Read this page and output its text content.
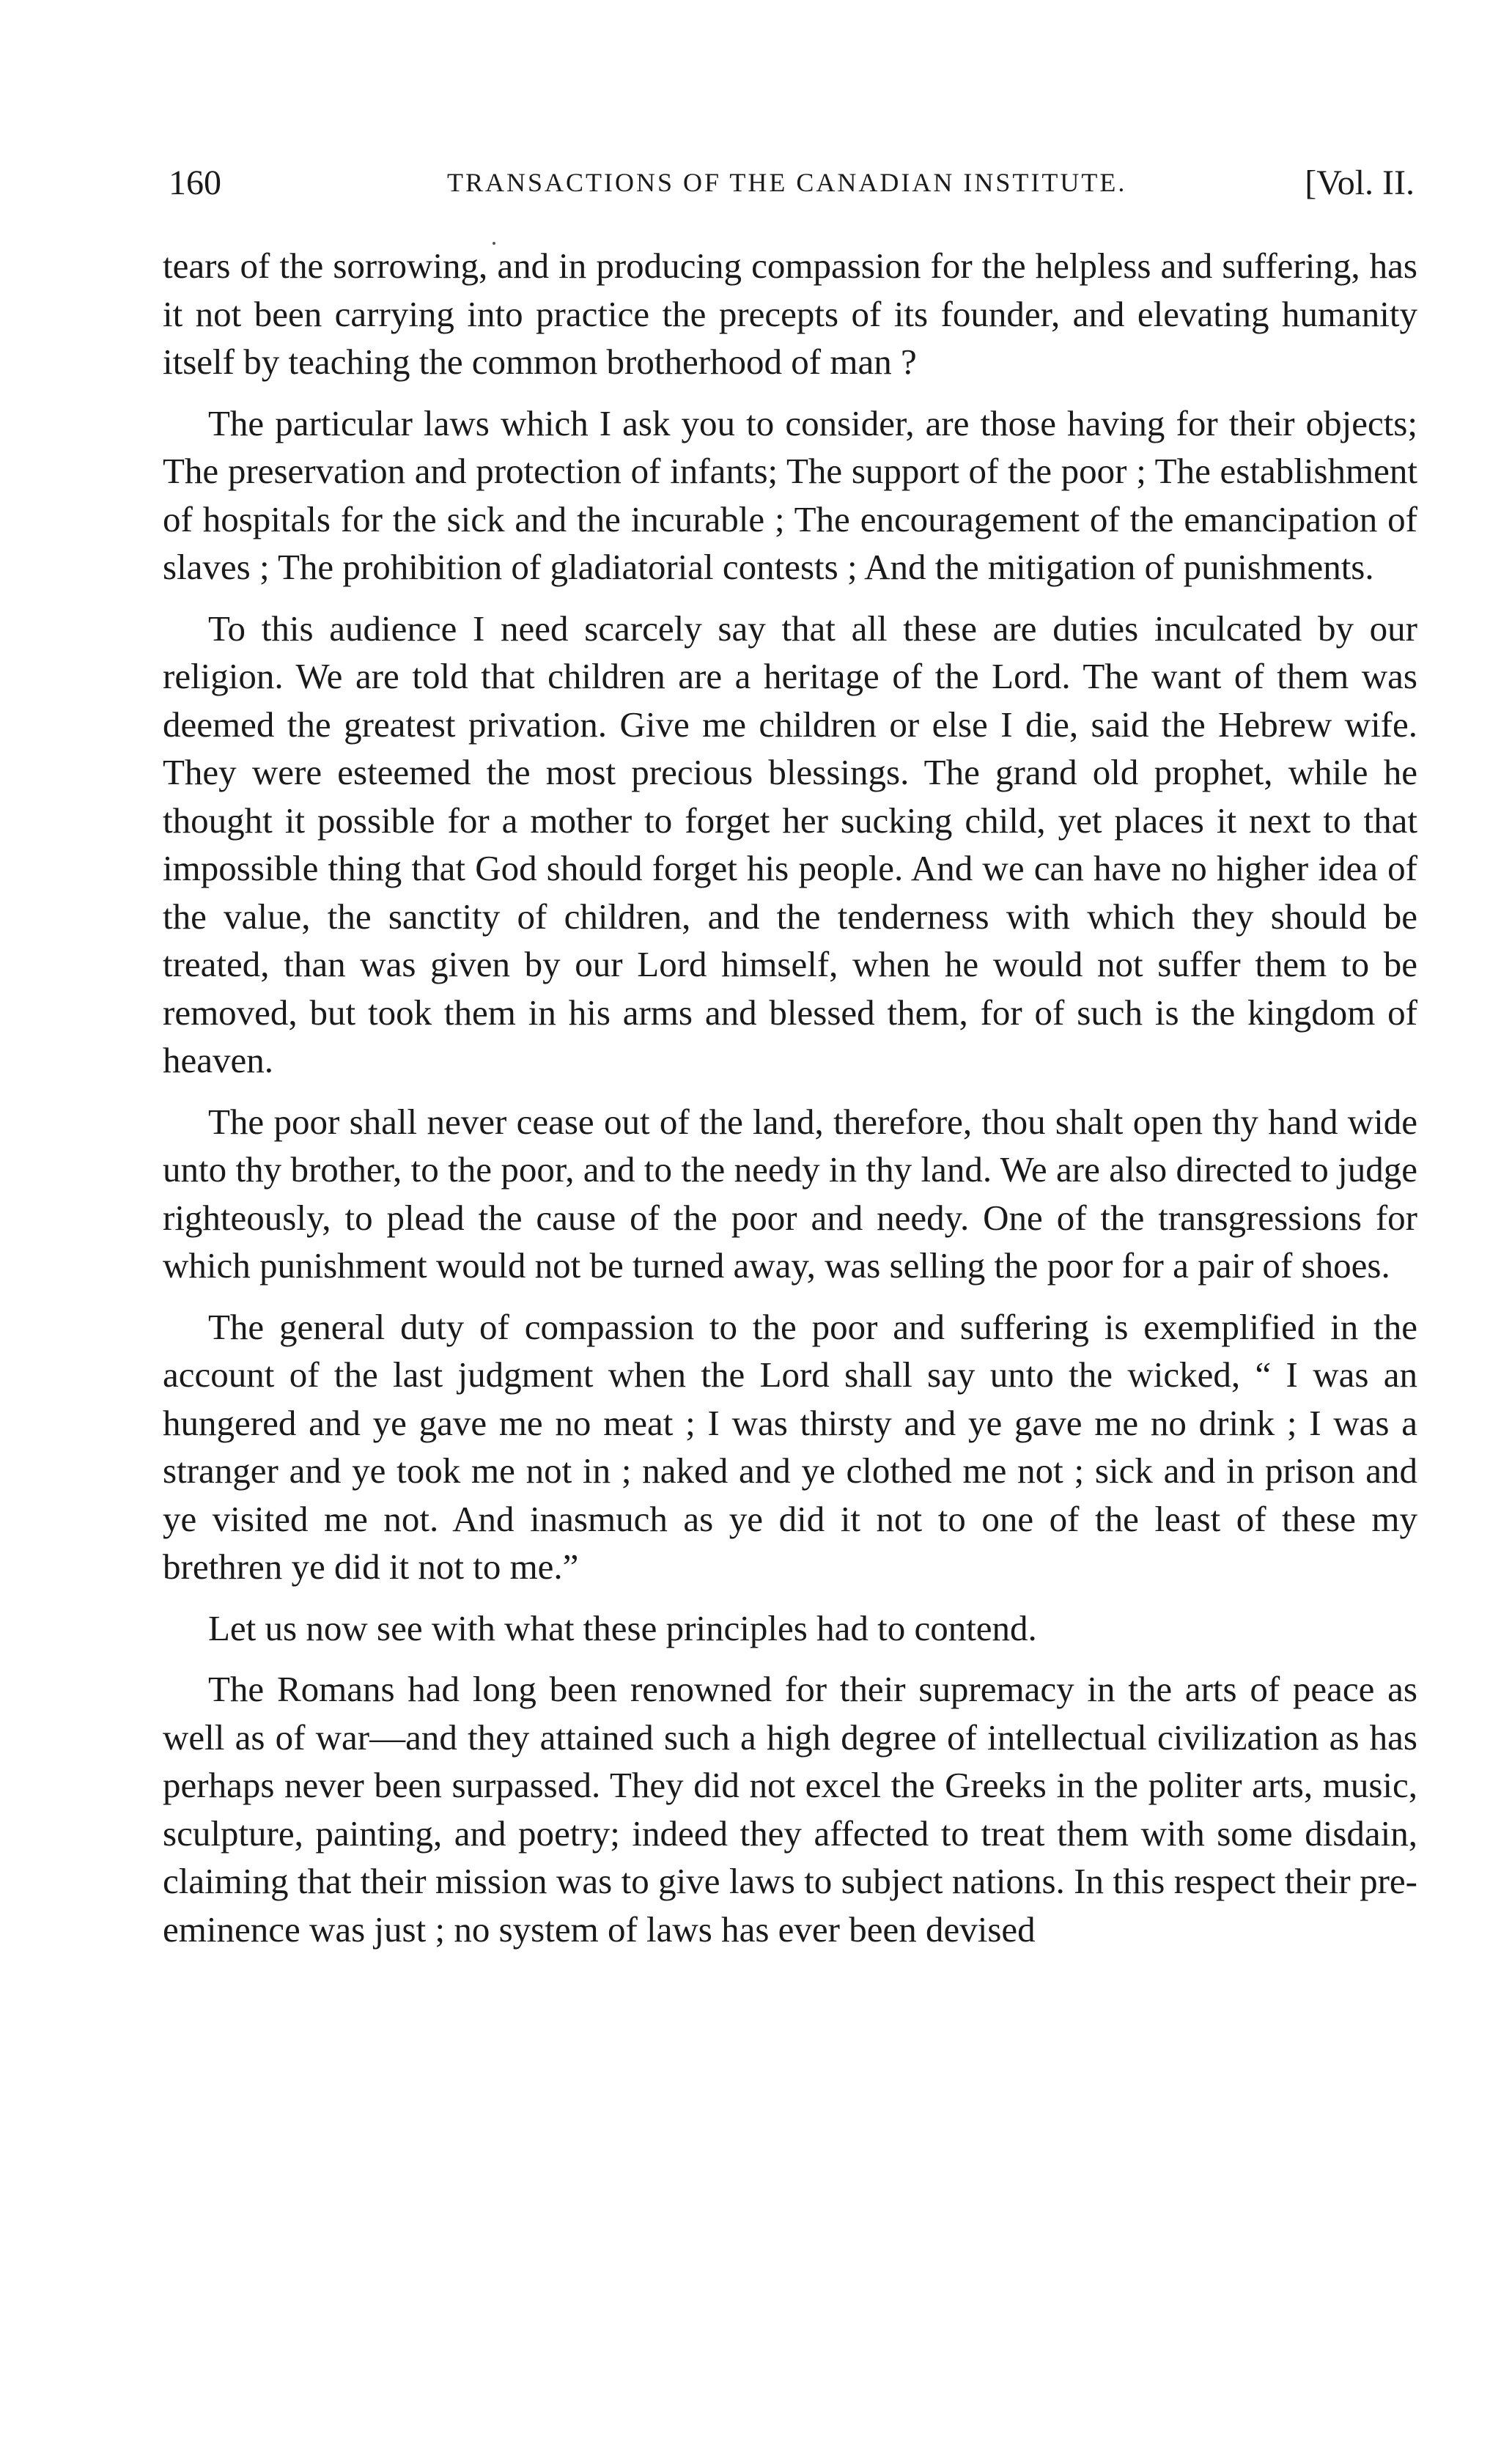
160	TRANSACTIONS OF THE CANADIAN INSTITUTE.	[Vol. II.

tears of the sorrowing, and in producing compassion for the helpless and suffering, has it not been carrying into practice the precepts of its founder, and elevating humanity itself by teaching the common brotherhood of man ?

The particular laws which I ask you to consider, are those having for their objects; The preservation and protection of infants; The support of the poor ; The establishment of hospitals for the sick and the incurable ; The encouragement of the emancipation of slaves ; The prohibition of gladiatorial contests ; And the mitigation of punishments.

To this audience I need scarcely say that all these are duties inculcated by our religion. We are told that children are a heritage of the Lord. The want of them was deemed the greatest privation. Give me children or else I die, said the Hebrew wife. They were esteemed the most precious blessings. The grand old prophet, while he thought it possible for a mother to forget her sucking child, yet places it next to that impossible thing that God should forget his people. And we can have no higher idea of the value, the sanctity of children, and the tenderness with which they should be treated, than was given by our Lord himself, when he would not suffer them to be removed, but took them in his arms and blessed them, for of such is the kingdom of heaven.

The poor shall never cease out of the land, therefore, thou shalt open thy hand wide unto thy brother, to the poor, and to the needy in thy land. We are also directed to judge righteously, to plead the cause of the poor and needy. One of the transgressions for which punishment would not be turned away, was selling the poor for a pair of shoes.

The general duty of compassion to the poor and suffering is exemplified in the account of the last judgment when the Lord shall say unto the wicked, “ I was an hungered and ye gave me no meat ; I was thirsty and ye gave me no drink ; I was a stranger and ye took me not in ; naked and ye clothed me not ; sick and in prison and ye visited me not. And inasmuch as ye did it not to one of the least of these my brethren ye did it not to me.”

Let us now see with what these principles had to contend.

The Romans had long been renowned for their supremacy in the arts of peace as well as of war—and they attained such a high degree of intellectual civilization as has perhaps never been surpassed. They did not excel the Greeks in the politer arts, music, sculpture, painting, and poetry; indeed they affected to treat them with some disdain, claiming that their mission was to give laws to subject nations. In this respect their pre-eminence was just ; no system of laws has ever been devised
